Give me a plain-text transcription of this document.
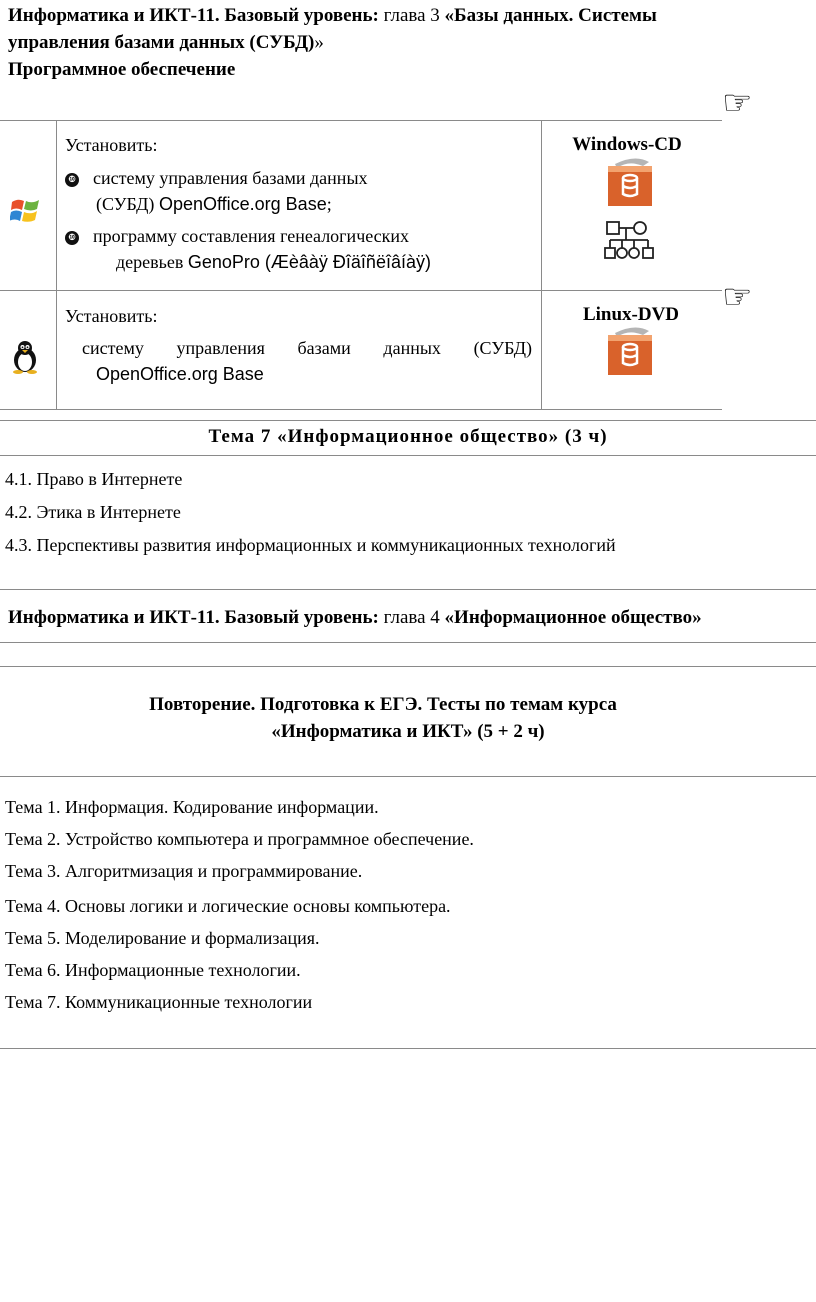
Информатика и ИКТ-11. Базовый уровень: глава 3 «Базы данных. Системы
управления базами данных (СУБД)»
Программное обеспечение
☞
☞
Установить:
❿ систему управления базами данных
(СУБД) OpenOffice.org Base;
❿ программу составления генеалогических
деревьев GenoPro (Æèâàÿ Ðîäîñëîâíàÿ)
Windows-CD
Установить:
систему управления базами данных (СУБД)
OpenOffice.org Base
Linux-DVD
Тема 7 «Информационное общество» (3 ч)
4.1. Право в Интернете
4.2. Этика в Интернете
4.3. Перспективы развития информационных и коммуникационных технологий
Информатика и ИКТ-11. Базовый уровень: глава 4 «Информационное общество»
Повторение. Подготовка к ЕГЭ. Тесты по темам курса
«Информатика и ИКТ» (5 + 2 ч)
Тема 1. Информация. Кодирование информации.
Тема 2. Устройство компьютера и программное обеспечение.
Тема 3. Алгоритмизация и программирование.
Тема 4. Основы логики и логические основы компьютера.
Тема 5. Моделирование и формализация.
Тема 6. Информационные технологии.
Тема 7. Коммуникационные технологии
